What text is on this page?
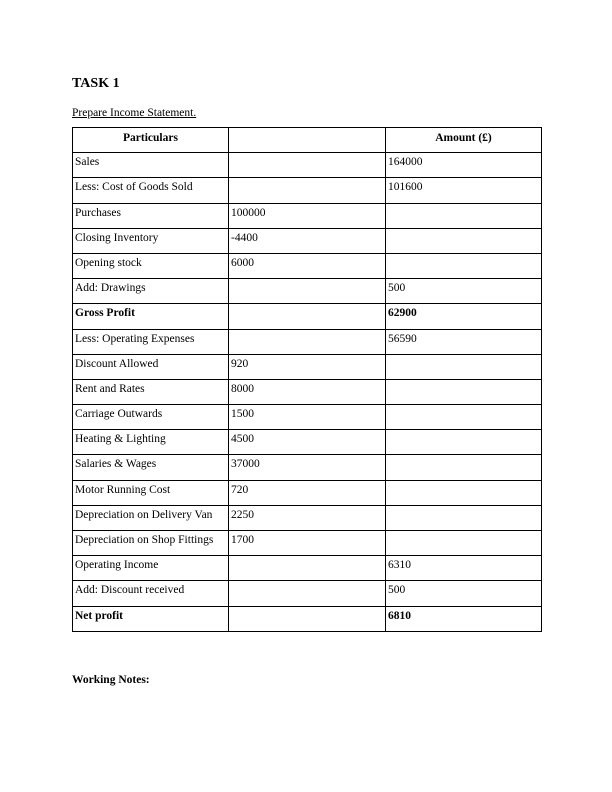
TASK 1

Prepare Income Statement.

Particulars		Amount (£)
Sales		164000
Less: Cost of Goods Sold		101600
Purchases	100000	
Closing Inventory	-4400	
Opening stock	6000	
Add: Drawings		500
Gross Profit		62900
Less: Operating Expenses		56590
Discount Allowed	920	
Rent and Rates	8000	
Carriage Outwards	1500	
Heating & Lighting	4500	
Salaries & Wages	37000	
Motor Running Cost	720	
Depreciation on Delivery Van	2250	
Depreciation on Shop Fittings	1700	
Operating Income		6310
Add: Discount received		500
Net profit		6810

Working Notes:
